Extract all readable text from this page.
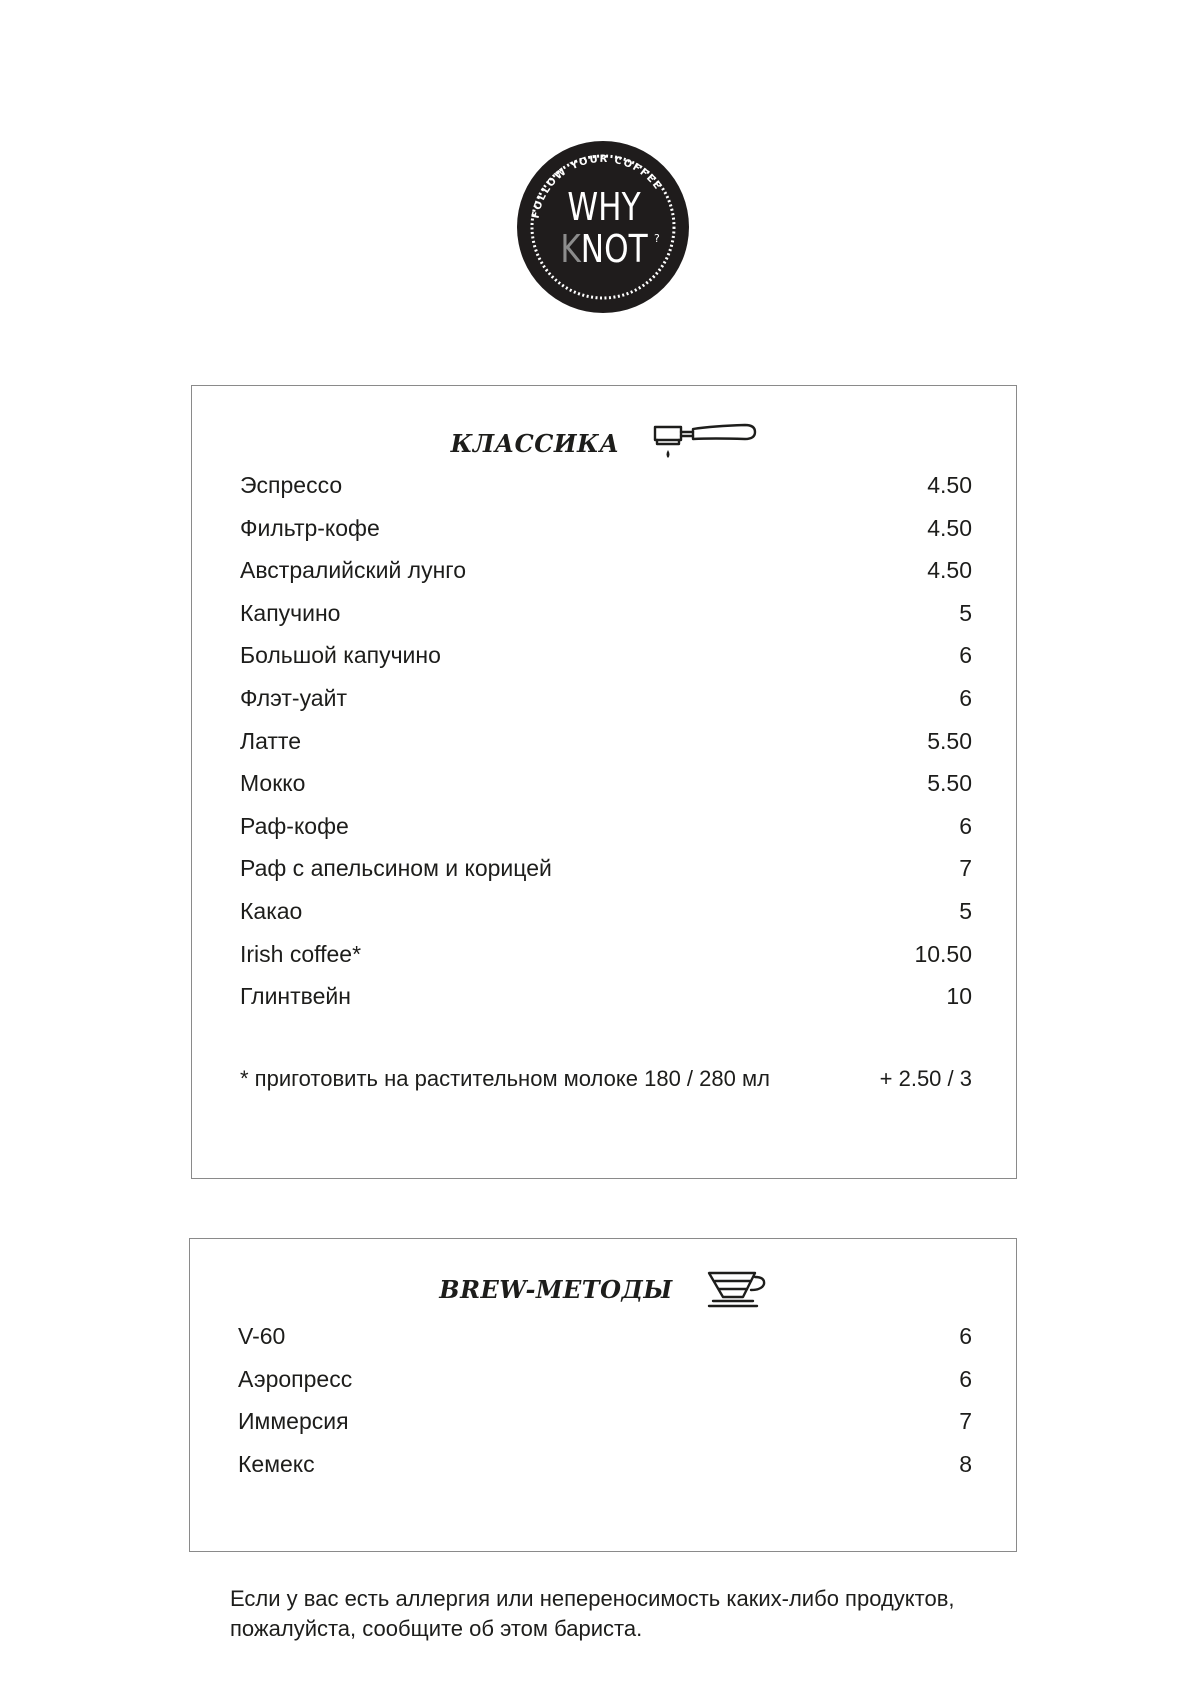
FOLLOW YOUR COFFEE
WHY
KNOT ?
КЛАССИКА
Эспрессо	4.50
Фильтр-кофе	4.50
Австралийский лунго	4.50
Капучино	5
Большой капучино	6
Флэт-уайт	6
Латте	5.50
Мокко	5.50
Раф-кофе	6
Раф с апельсином и корицей	7
Какао	5
Irish coffee*	10.50
Глинтвейн	10
* приготовить на растительном молоке 180 / 280 мл	+ 2.50 / 3
BREW-МЕТОДЫ
V-60	6
Аэропресс	6
Иммерсия	7
Кемекс	8
Если у вас есть аллергия или непереносимость каких-либо продуктов,
пожалуйста, сообщите об этом бариста.
